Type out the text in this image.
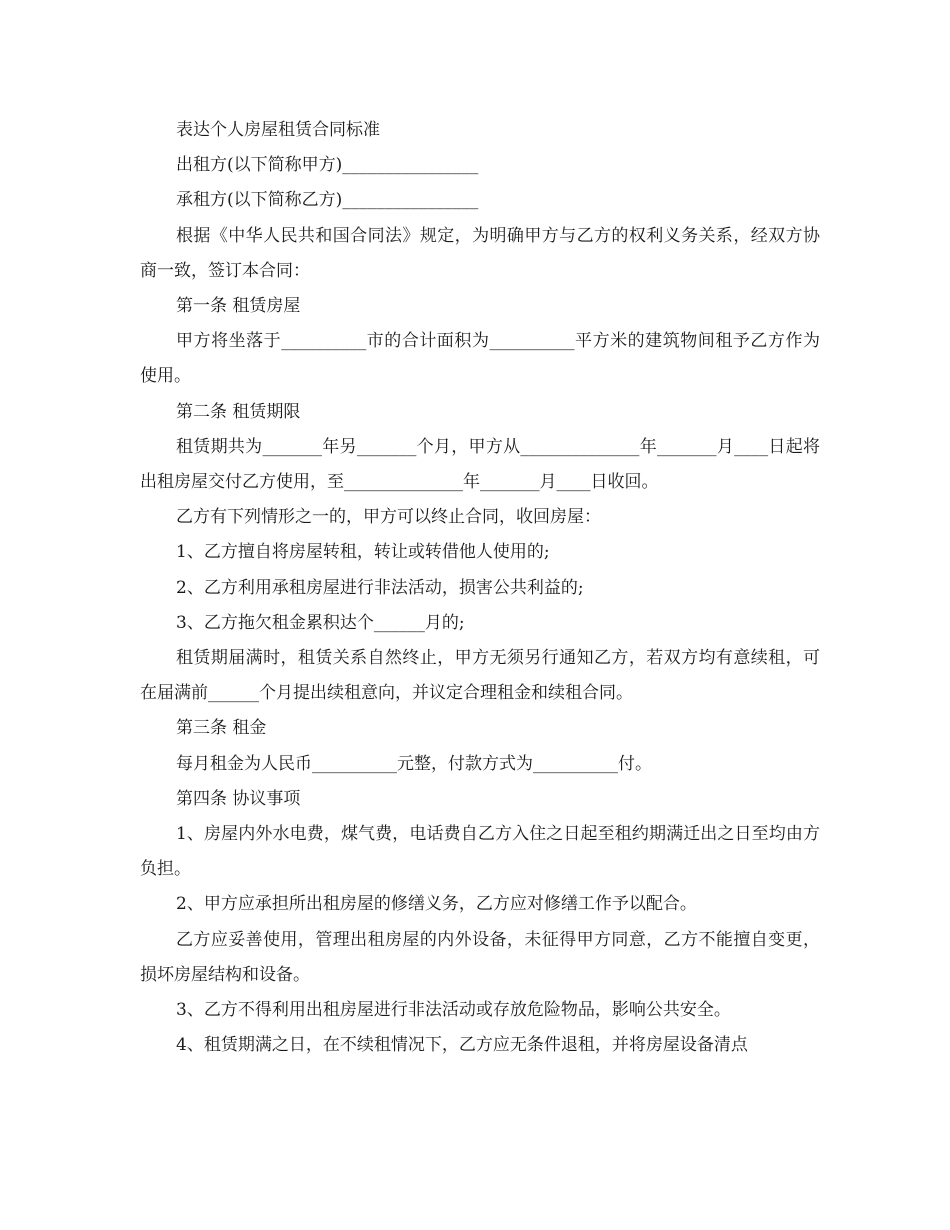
表达个人房屋租赁合同标准

出租方(以下简称甲方)________________

承租方(以下简称乙方)________________

根据《中华人民共和国合同法》规定，为明确甲方与乙方的权利义务关系，经双方协商一致，签订本合同：

第一条 租赁房屋

甲方将坐落于__________市的合计面积为__________平方米的建筑物间租予乙方作为使用。

第二条 租赁期限

租赁期共为_______年另_______个月，甲方从______________年_______月____日起将出租房屋交付乙方使用，至______________年_______月____日收回。

乙方有下列情形之一的，甲方可以终止合同，收回房屋：

1、乙方擅自将房屋转租，转让或转借他人使用的;

2、乙方利用承租房屋进行非法活动，损害公共利益的;

3、乙方拖欠租金累积达个______月的;

租赁期届满时，租赁关系自然终止，甲方无须另行通知乙方，若双方均有意续租，可在届满前______个月提出续租意向，并议定合理租金和续租合同。

第三条 租金

每月租金为人民币__________元整，付款方式为__________付。

第四条 协议事项

1、房屋内外水电费，煤气费，电话费自乙方入住之日起至租约期满迁出之日至均由方负担。

2、甲方应承担所出租房屋的修缮义务，乙方应对修缮工作予以配合。

乙方应妥善使用，管理出租房屋的内外设备，未征得甲方同意，乙方不能擅自变更，损坏房屋结构和设备。

3、乙方不得利用出租房屋进行非法活动或存放危险物品，影响公共安全。

4、租赁期满之日，在不续租情况下，乙方应无条件退租，并将房屋设备清点
